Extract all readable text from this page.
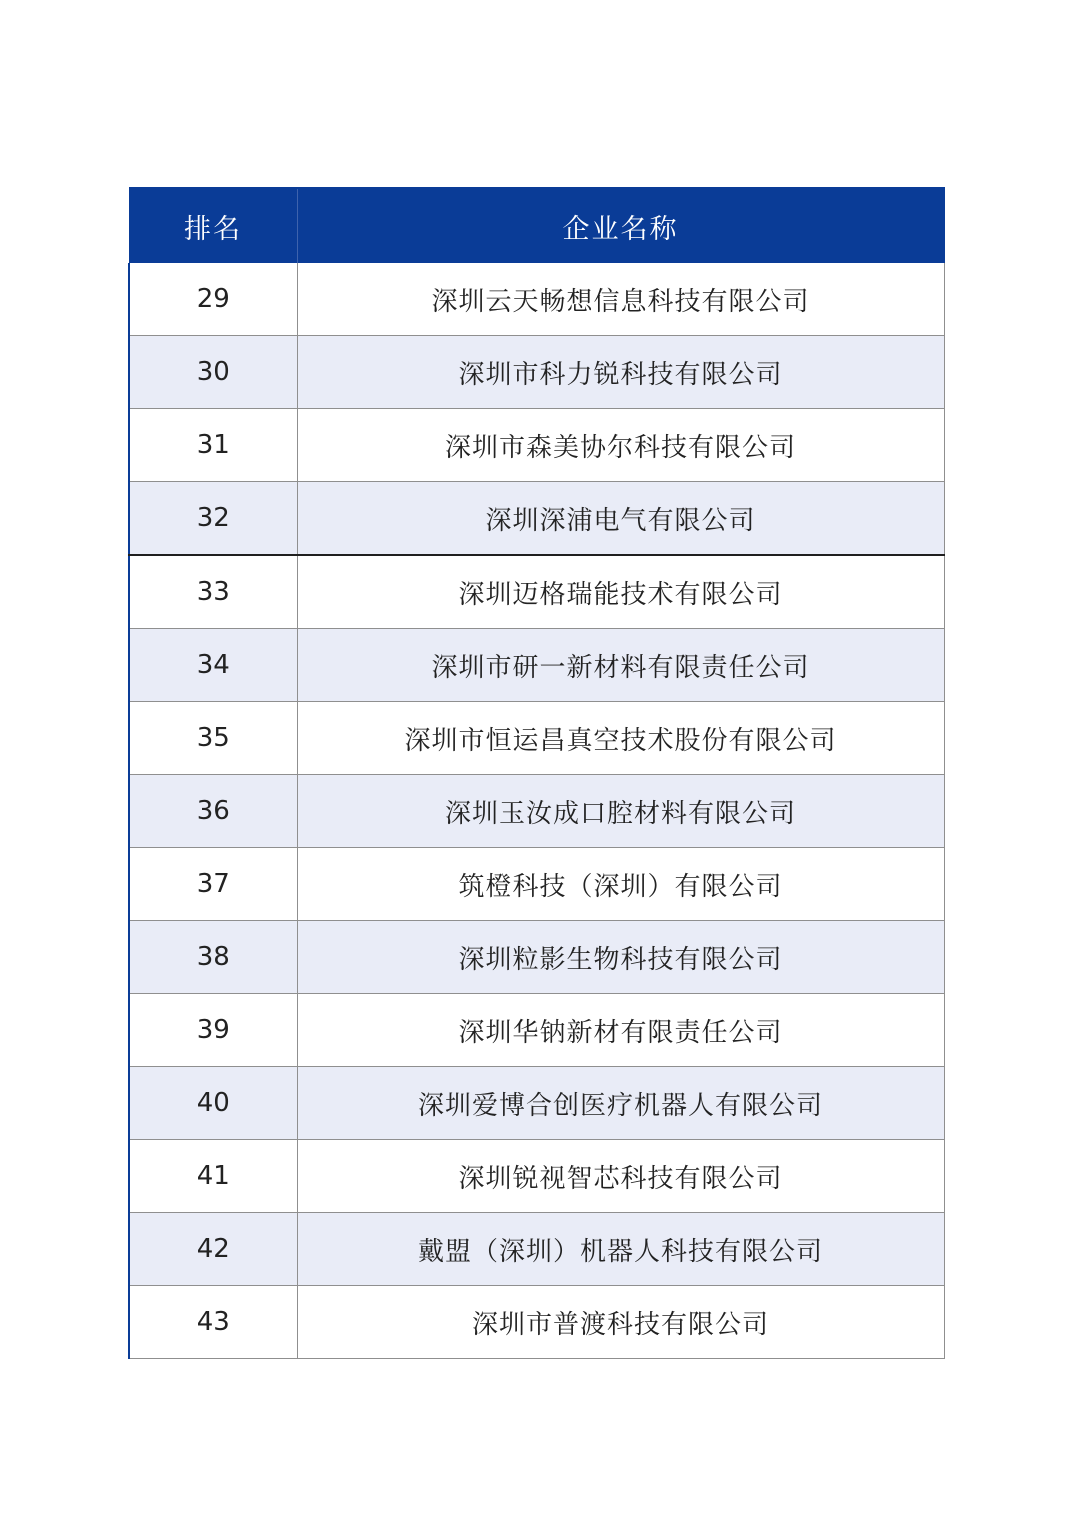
排名	企业名称
29	深圳云天畅想信息科技有限公司
30	深圳市科力锐科技有限公司
31	深圳市森美协尔科技有限公司
32	深圳深浦电气有限公司
33	深圳迈格瑞能技术有限公司
34	深圳市研一新材料有限责任公司
35	深圳市恒运昌真空技术股份有限公司
36	深圳玉汝成口腔材料有限公司
37	筑橙科技（深圳）有限公司
38	深圳粒影生物科技有限公司
39	深圳华钠新材有限责任公司
40	深圳爱博合创医疗机器人有限公司
41	深圳锐视智芯科技有限公司
42	戴盟（深圳）机器人科技有限公司
43	深圳市普渡科技有限公司
